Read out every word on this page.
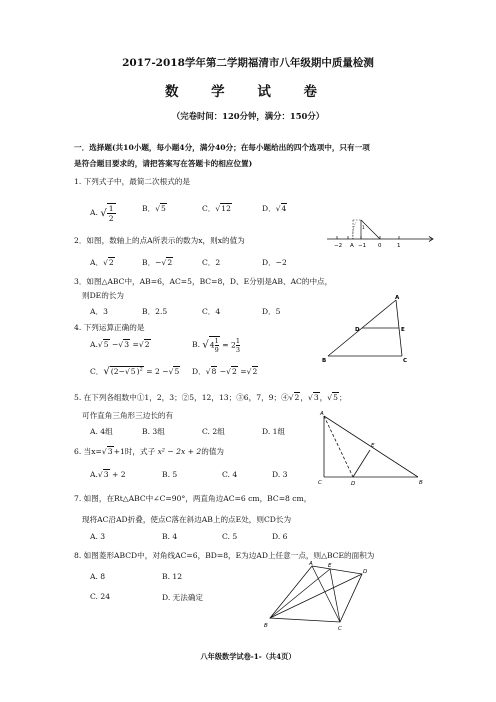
2017-2018学年第二学期福清市八年级期中质量检测
数 学 试 卷
（完卷时间：120分钟，满分：150分）
一．选择题(共10小题，每小题4分，满分40分；在每小题给出的四个选项中，只有一项
是符合题目要求的，请把答案写在答题卡的相应位置)
1. 下列式子中，最简二次根式的是
A. √ $\frac{1}{2}$	B．√5	C．√12	D．√4
2．如图，数轴上的点A所表示的数为x，则x的值为
A．√2	B．−√2	C．2	D．−2
1
−2 A −1 0	1
3．如图△ABC中，AB=6，AC=5，BC=8，D、E分别是AB、AC的中点，
则DE的长为
A．3	B．2.5	C．4	D．5
A
D	E
B	C
4. 下列运算正确的是
A.√5 −√3 =√2	B. $√4 \frac{1}{9} = 2 \frac{1}{3}$
C．$√(2-√5)^2 = 2 -√5$ D．√8 −√2 =√2
5. 在下列各组数中①1，2，3；②5，12，13；③6，7，9；④√2，√3，√5；
可作直角三角形三边长的有
A. 4组	B. 3组	C. 2组	D. 1组
A
E
C	D	B
6. 当x=√3+1时，式子 x² − 2x + 2的值为
A.√3 + 2	B. 5	C. 4	D. 3
7. 如图，在Rt△ABC中∠C=90°，两直角边AC=6 cm，BC=8 cm，
现将AC沿AD折叠，使点C落在斜边AB上的点E处，则CD长为
A. 3	B. 4	C. 5	D. 6
8. 如图菱形ABCD中，对角线AC=6，BD=8，E为边AD上任意一点，则△BCE的面积为
A. 8	B. 12
C. 24	D. 无法确定
A	E
D
B	C
八年级数学试卷-1-（共4页）
